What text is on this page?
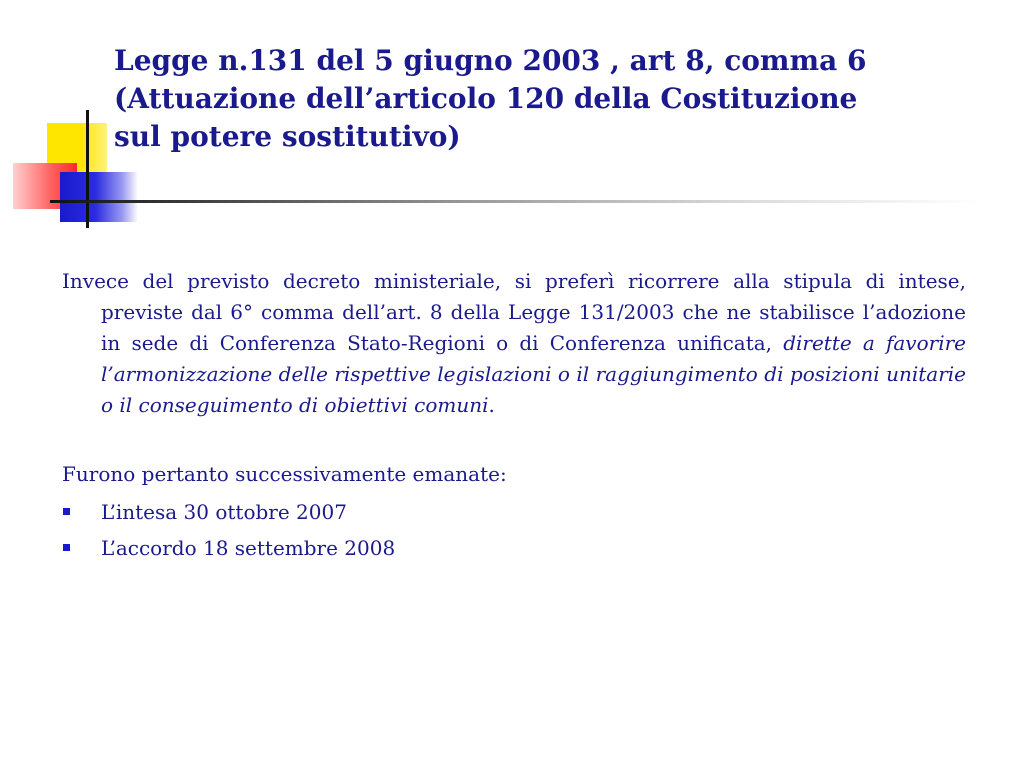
Legge n.131 del 5 giugno 2003 , art 8, comma 6
(Attuazione dell’articolo 120 della Costituzione
sul potere sostitutivo)

Invece del previsto decreto ministeriale, si preferì ricorrere alla stipula di intese, previste dal 6° comma dell’art. 8 della Legge 131/2003 che ne stabilisce l’adozione in sede di Conferenza Stato-Regioni o di Conferenza unificata, dirette a favorire l’armonizzazione delle rispettive legislazioni o il raggiungimento di posizioni unitarie o il conseguimento di obiettivi comuni.

Furono pertanto successivamente emanate:

L’intesa 30 ottobre 2007
L’accordo 18 settembre 2008
